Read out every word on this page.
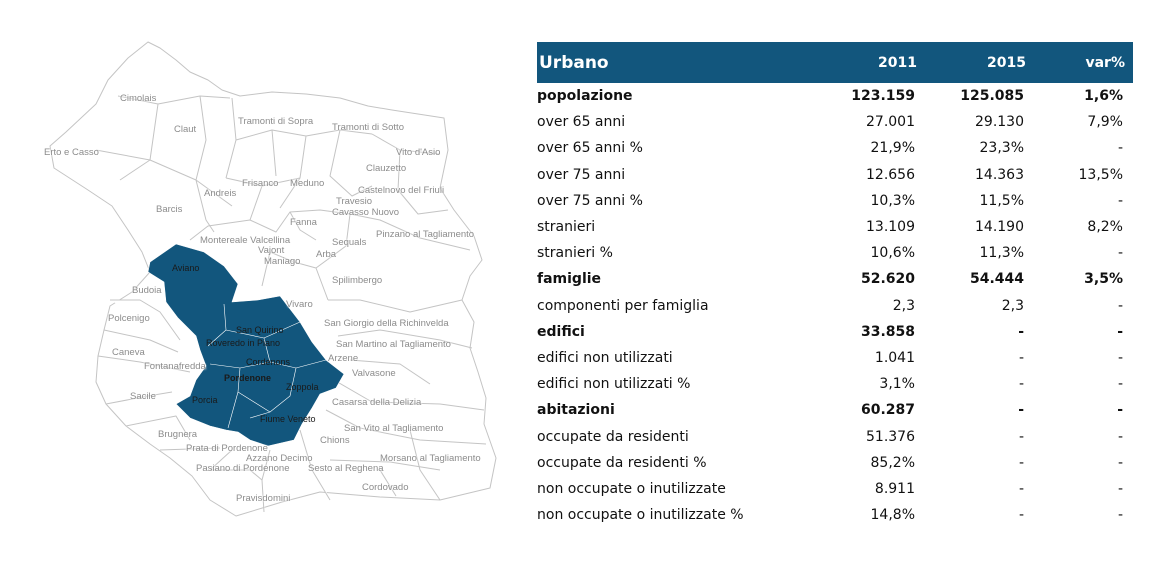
Cimolais
Claut
Tramonti di Sopra
Tramonti di Sotto
Erto e Casso	Vito d'Asio
Clauzetto
Andreis
Frisanco Meduno
Castelnovo del Friuli
Barcis
Travesio
Fanna
Cavasso Nuovo
Montereale Valcellina
Vajont
Maniago
Sequals
Pinzano al Tagliamento
Arba
Aviano
Spilimbergo
Budoia
Vivaro
Polcenigo	San Giorgio della Richinvelda
San Quirino
Roveredo in Piano	San Martino al Tagliamento
Caneva
Cordenons	Arzene
Fontanafredda
Pordenone	Valvasone
Zoppola
Sacile	Porcia	Casarsa della Delizia
Fiume Veneto
Brugnera
San Vito al Tagliamento
Chions
Prata di Pordenone
Azzano Decimo	Morsano al Tagliamento
Pasiano di Pordenone Sesto al Reghena
Cordovado
Pravisdomini
Urbano	2011	2015	var%
popolazione	123.159	125.085	1,6%
over 65 anni	27.001	29.130	7,9%
over 65 anni %	21,9%	23,3%	-
over 75 anni	12.656	14.363	13,5%
over 75 anni %	10,3%	11,5%	-
stranieri	13.109	14.190	8,2%
stranieri %	10,6%	11,3%	-
famiglie	52.620	54.444	3,5%
componenti per famiglia	2,3	2,3	-
edifici	33.858	-	-
edifici non utilizzati	1.041	-	-
edifici non utilizzati %	3,1%	-	-
abitazioni	60.287	-	-
occupate da residenti	51.376	-	-
occupate da residenti %	85,2%	-	-
non occupate o inutilizzate	8.911	-	-
non occupate o inutilizzate %	14,8%	-	-
